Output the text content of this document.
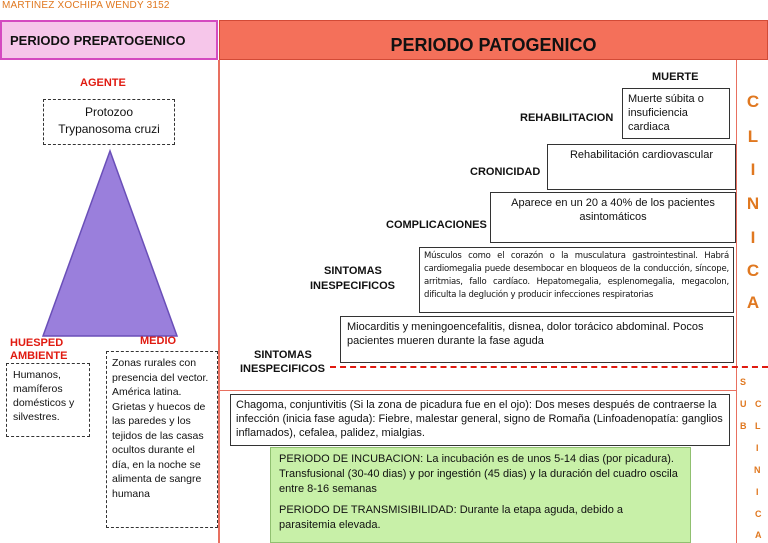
MARTINEZ XOCHIPA WENDY 3152
PERIODO PREPATOGENICO	PERIODO PATOGENICO
AGENTE
Protozoo
Trypanosoma cruzi
HUESPED
AMBIENTE
Humanos, mamíferos domésticos y silvestres.
MEDIO
Zonas rurales con presencia del vector. América latina. Grietas y huecos de las paredes y los tejidos de las casas ocultos durante el día, en la noche se alimenta de sangre humana
MUERTE
Muerte súbita o insuficiencia cardiaca
REHABILITACION
Rehabilitación cardiovascular
CRONICIDAD
Aparece en un 20 a 40% de los pacientes asintomáticos
COMPLICACIONES
Músculos como el corazón o la musculatura gastrointestinal. Habrá cardiomegalia puede desembocar en bloqueos de la conducción, síncope, arritmias, fallo cardíaco. Hepatomegalia, esplenomegalia, megacolon, dificulta la deglución y producir infecciones respiratorias
SINTOMAS
INESPECIFICOS
Miocarditis y meningoencefalitis, disnea, dolor torácico abdominal. Pocos pacientes mueren durante la fase aguda
SINTOMAS
INESPECIFICOS
Chagoma, conjuntivitis (Si la zona de picadura fue en el ojo): Dos meses después de contraerse la infección (inicia fase aguda): Fiebre, malestar general, signo de Romaña (Linfoadenopatía: ganglios inflamados), cefalea, palidez, mialgias.
PERIODO DE INCUBACION: La incubación es de unos 5-14 dias (por picadura). Transfusional (30-40 dias) y por ingestión (45 dias) y la duración del cuadro oscila entre 8-16 semanas
PERIODO DE TRANSMISIBILIDAD: Durante la etapa aguda, debido a parasitemia elevada.
C
L
I
N
I
C
A
S
U
B
C
L
I
N
I
C
A
